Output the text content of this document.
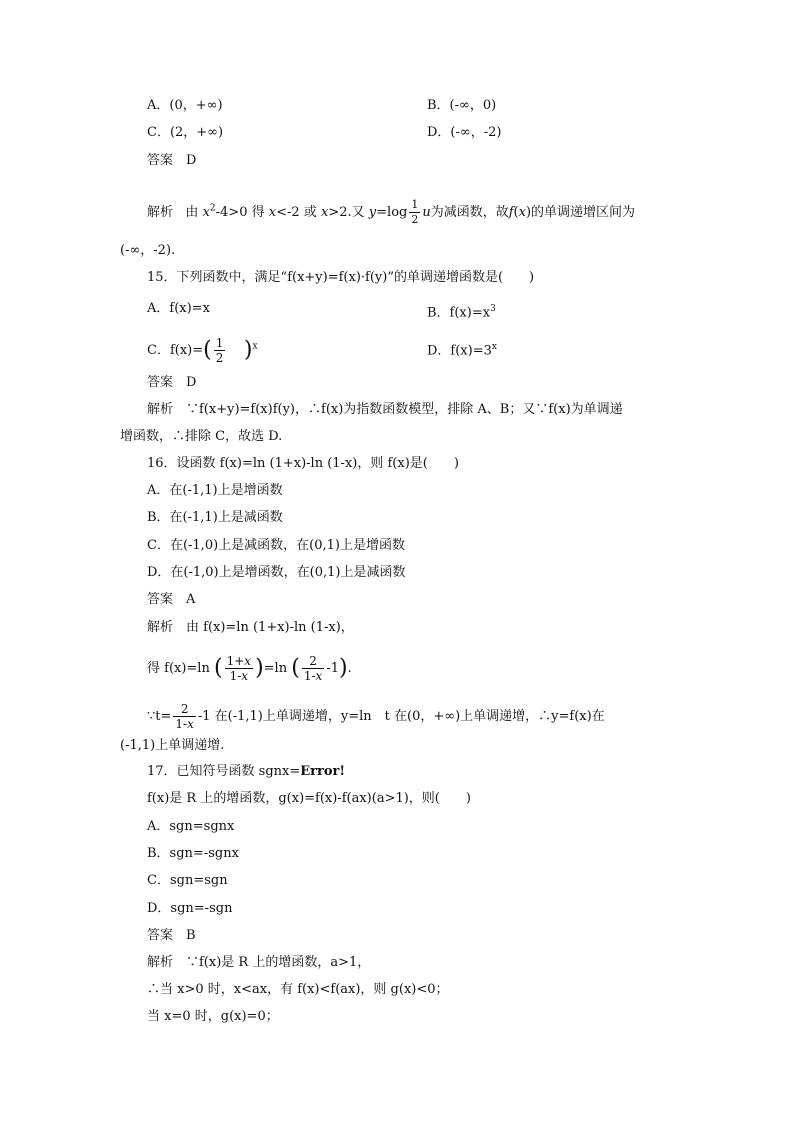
A．(0，+∞)	B．(-∞，0)
C．(2，+∞)	D．(-∞，-2)
答案　D
解析 由 $x^2-4>0$ 得 x<-2 或 x>2.又 $y=\log \frac{1}{2}$ u为减函数，故f(x)的单调递增区间为
(-∞，-2).
15．下列函数中，满足“f(x+y)=f(x)·f(y)”的单调递增函数是(　　)
A．f(x)=x	B．$f(x)=x^3$
C．$f(x)=( \frac{1}{2} )^x$	D．$f(x)=3^x$
答案　D
解析　∵f(x+y)=f(x)f(y)，∴f(x)为指数函数模型，排除 A、B；又∵f(x)为单调递
增函数，∴排除 C，故选 D.
16．设函数 f(x)=ln (1+x)-ln (1-x)，则 f(x)是(　　)
A．在(-1,1)上是增函数
B．在(-1,1)上是减函数
C．在(-1,0)上是减函数，在(0,1)上是增函数
D．在(-1,0)上是增函数，在(0,1)上是减函数
答案　A
解析　由 f(x)=ln (1+x)-ln (1-x)，
得 f(x)=ln ( $\frac{1+x}{1-x} )=\ln$ ( $\frac{2}{1-x} -1$).
∵t= $\frac{2}{1-x} -1$ 在(-1,1)上单调递增，y=ln　t 在(0，+∞)上单调递增，∴y=f(x)在
(-1,1)上单调递增.
17．已知符号函数 sgnx=Error!
f(x)是 R 上的增函数，g(x)=f(x)-f(ax)(a>1)，则(　　)
A．sgn=sgnx
B．sgn=-sgnx
C．sgn=sgn
D．sgn=-sgn
答案　B
解析　∵f(x)是 R 上的增函数，a>1，
∴当 x>0 时，x<ax，有 f(x)<f(ax)，则 g(x)<0；
当 x=0 时，g(x)=0；
